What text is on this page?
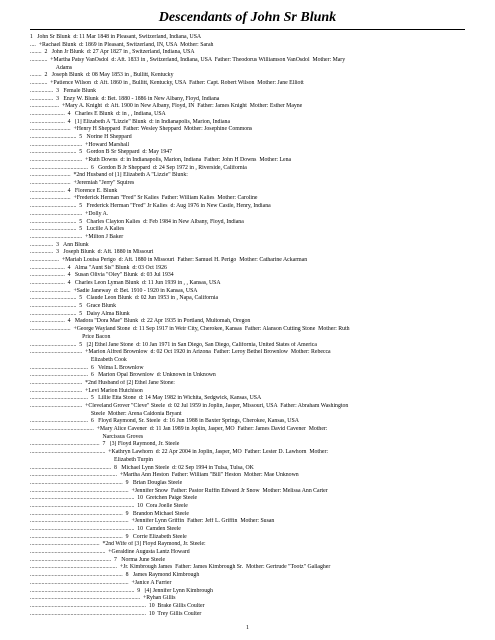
Descendants of John Sr Blunk
1   John Sr Blunk  d: 11 Mar 1848 in Pleasant, Switzerland, Indiana, USA
....  +Rachael Blunk  d: 1869 in Pleasant, Switzerland, IN, USA  Mother: Sarah
........  2   John Jr Blunk  d: 27 Apr 1827 in , Switzerland, Indiana, USA
............  +Martha Patsy VanOsdol  d: Aft. 1833 in , Switzerland, Indiana, USA  Father: Theodorus Williamson VanOsdol  Mother: Mary
Adams
........  2   Joseph Blunk  d: 08 May 1853 in , Bullitt, Kentucky
............  +Patience Wilson  d: Aft. 1860 in , Bullitt, Kentucky, USA  Father: Capt. Robert Wilson  Mother: Jane Elliott
................  3   Female Blunk
................  3   Enzy W. Blunk  d: Bet. 1880 - 1886 in New Albany, Floyd, Indiana
....................  +Mary A. Knight  d: Aft. 1900 in New Albany, Floyd, IN  Father: James Knight  Mother: Esther Mayne
........................  4   Charles E Blunk  d: in , , Indiana, USA
........................  4   [1] Elizabeth A "Lizzie" Blunk  d: in Indianapolis, Marion, Indiana
............................  +Henry H Sheppard  Father: Wesley Sheppard  Mother: Josephine Commons
................................  5   Norine H Sheppard
....................................  +Howard Marshall
................................  5   Gordon B Sr Sheppard  d: May 1947
....................................  +Ruth Downs  d: in Indianapolis, Marion, Indiana  Father: John H Downs  Mother: Lena
........................................  6   Gordon B Jr Sheppard  d: 24 Sep 1972 in , Riverside, California
............................  *2nd Husband of [1] Elizabeth A "Lizzie" Blunk:
............................  +Jeremiah "Jerry" Squires
........................  4   Florence E. Blunk
............................  +Frederick Herman "Fred" Sr Kalies  Father: William Kalies  Mother: Caroline
................................  5   Frederick Herman "Fred" Jr Kalies  d: Aug 1976 in New Castle, Henry, Indiana
....................................  +Dolly A.
................................  5   Charles Clayton Kalies  d: Feb 1984 in New Albany, Floyd, Indiana
................................  5   Lucille A Kalies
....................................  +Milton J Baker
................  3   Ann Blunk
................  3   Joseph Blunk  d: Aft. 1880 in Missouri
....................  +Mariah Louisa Perigo  d: Aft. 1880 in Missouri  Father: Samuel H. Perigo  Mother: Catharine Ackarman
........................  4   Alma "Aunt Sis" Blunk  d: 03 Oct 1926
........................  4   Susan Olivia "Oley" Blunk  d: 03 Jul 1934
........................  4   Charles Leon Lyman Blunk  d: 11 Jun 1939 in , , Kansas, USA
............................  +Sadie Janeway  d: Bet. 1910 - 1920 in Kansas, USA
................................  5   Claude Leon Blunk  d: 02 Jun 1953 in , Napa, California
................................  5   Grace Blunk
................................  5   Daisy Alma Blunk
........................  4   Madora "Dora Mae" Blunk  d: 22 Apr 1935 in Portland, Multomah, Oregon
............................  +George Wayland Stone  d: 11 Sep 1917 in Weir City, Cherokee, Kansas  Father: Alanson Cutting Stone  Mother: Ruth
Price Bacon
................................  5   [2] Ethel Jane Stone  d: 10 Jan 1971 in San Diego, San Diego, California, United States of America
....................................  +Marion Alfred Brownlow  d: 02 Oct 1920 in Arizona  Father: Leroy Bethel Brownlow  Mother: Rebecca
Elizabeth Cook
........................................  6   Velma L Brownlow
........................................  6   Marion Opal Brownlow  d: Unknown in Unknown
....................................  *2nd Husband of [2] Ethel Jane Stone:
....................................  +Levi Marion Hutchison
........................................  5   Lillie Etta Stone  d: 14 May 1982 in Wichita, Sedgwick, Kansas, USA
....................................  +Cleveland Grover "Cleve" Steele  d: 02 Jul 1959 in Joplin, Jasper, Missouri, USA  Father: Abraham Washington
Steele  Mother: Arena Caldonia Bryant
........................................  6   Floyd Raymond, Sr. Steele  d: 16 Jun 1988 in Baxter Springs, Cherokee, Kansas, USA
............................................  +Mary Alice Cavener  d: 11 Jan 1989 in Joplin, Jasper, MO  Father: James David Cavener  Mother:
Narcissus Groves
................................................  7   [3] Floyd Raymond, Jr. Steele
....................................................  +Kathryn Lawhorn  d: 22 Apr 2004 in Joplin, Jasper, MO  Father: Lester D. Lawhorn  Mother:
Elizabeth Turpin
........................................................  8   Michael Lynn Steele  d: 02 Sep 1994 in Tulsa, Tulsa, OK
............................................................  +Martha Ann Heston  Father: William "Bill" Heston  Mother: Mae Unknown
................................................................  9   Brian Douglas Steele
....................................................................  +Jennifer Snow  Father: Pastor Ruffin Edward Jr Snow  Mother: Melissa Ann Carter
........................................................................  10  Gretchen Paige Steele
........................................................................  10  Cora Joelle Steele
................................................................  9   Brandon Michael Steele
....................................................................  +Jennifer Lynn Griffin  Father: Jeff L. Griffin  Mother: Susan
........................................................................  10  Camden Steele
................................................................  9   Corrie Elizabeth Steele
................................................  *2nd Wife of [3] Floyd Raymond, Jr. Steele:
....................................................  +Geraldine Augusta Lantz Howard
........................................................  7   Norma June Steele
............................................................  +Jr. Kimbrough James  Father: James Kimbrough Sr.  Mother: Gertrude "Tootz" Gallagher
................................................................  8   James Raymond Kimbrough
....................................................................  +Janice A Farrier
........................................................................  9   [4] Jennifer Lynn Kimbrough
............................................................................  +Ryhan Gillis
................................................................................  10  Brake Gillis Coulter
................................................................................  10  Trey Gillis Coulter
1
